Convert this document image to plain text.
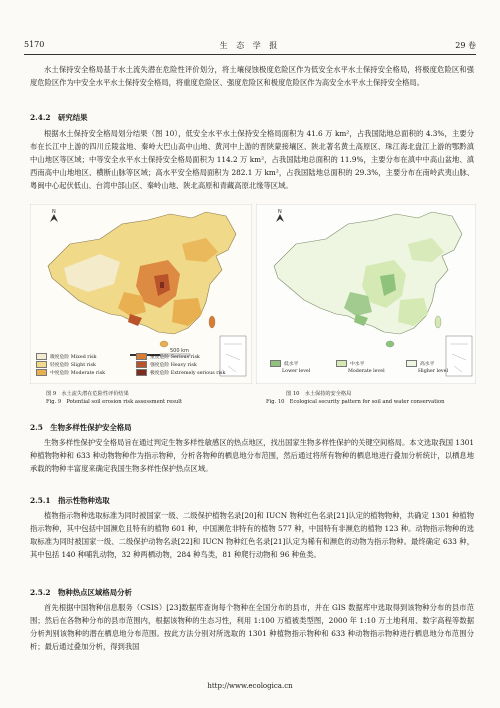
5170	生 态 学 报	29 卷
水土保持安全格局基于水土流失潜在危险性评价划分，将土壤侵蚀极度危险区作为低安全水平水土保持安全格局，将极度危险区和强度危险区作为中安全水平水土保持安全格局，将重度危险区、强度危险区和极度危险区作为高安全水平水土保持安全格局。
2.4.2　研究结果
根据水土保持安全格局划分结果（图 10），低安全水平水土保持安全格局面积为 41.6 万 km²，占我国陆地总面积的 4.3%，主要分布在长江中上游的四川丘陵盆地、秦岭大巴山高中山地、黄河中上游的晋陕蒙接壤区、陕北著名黄土高原区、珠江海北盘江上游的鄂黔滇中山地区等区域；中等安全水平水土保持安全格局面积为 114.2 万 km²，占我国陆地总面积的 11.9%，主要分布在滇中中高山盆地、滇西南高中山地地区、横断山脉等区域；高水平安全格局面积为 282.1 万 km²，占我国陆地总面积的 29.3%，主要分布在南岭武夷山脉、粤闽中心起伏低山、台湾中部山区、秦岭山地、陕北高原和青藏高原北缘等区域。
N
500 km
微度危险 Mixed risk
轻度危险 Slight risk
中度危险 Moderate risk
重度危险 Serious risk
强度危险 Heavy risk
极度危险 Extremely serious risk
图 9　水土流失潜在危险性评价结果
Fig. 9　Potential soil erosion risk assessment result
N
低水平
Lower level
中水平
Moderate level
高水平
Higher level
图 10　水土保持的安全格局
Fig. 10　Ecological security pattern for soil and water conservation
2.5　生物多样性保护安全格局
生物多样性保护安全格局旨在通过判定生物多样性敏感区的热点地区，找出国家生物多样性保护的关键空间格局。本文选取我国 1301 种植物物种和 633 种动物物种作为指示物种，分析各物种的栖息地分布范围，然后通过将所有物种的栖息地进行叠加分析统计，以栖息地承载的物种丰富度来确定我国生物多样性保护热点区域。
2.5.1　指示性物种选取
植物指示物种选取标准为同时被国家一级、二级保护植物名录[20]和 IUCN 物种红色名录[21]认定的植物物种，共确定 1301 种植物指示物种，其中包括中国濒危且特有的植物 601 种，中国濒危非特有的植物 577 种，中国特有非濒危的植物 123 种。动物指示物种的选取标准为同时被国家一级、二级保护动物名录[22]和 IUCN 物种红色名录[21]认定为稀有和濒危的动物为指示物种。最终确定 633 种，其中包括 140 种哺乳动物，32 种两栖动物，284 种鸟类，81 种爬行动物和 96 种鱼类。
2.5.2　物种热点区域格局分析
首先根据中国物种信息服务（CSIS）[23]数据库查询每个物种在全国分布的县市，并在 GIS 数据库中选取得到该物种分布的县市范围；然后在各物种分布的县市范围内，根据该物种的生态习性，利用 1:100 万植被类型图，2000 年 1:10 万土地利用、数字高程等数据分析判别该物种的潜在栖息地分布范围。按此方法分别对所选取的 1301 种植物指示物种和 633 种动物指示物种进行栖息地分布范围分析；最后通过叠加分析，得到我国
http://www.ecologica.cn
